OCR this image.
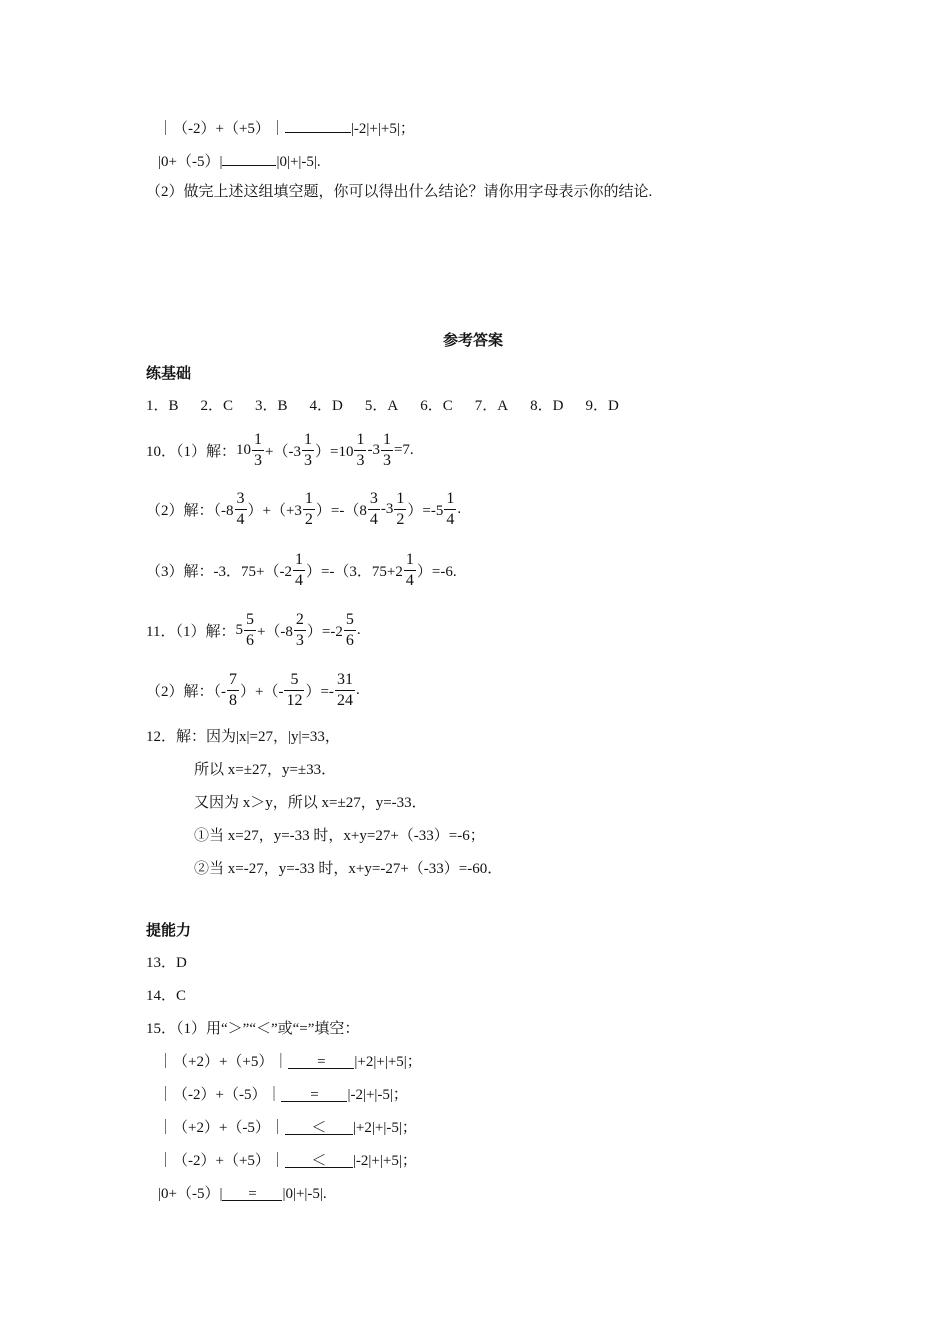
｜（-2）+（+5）｜	|-2|+|+5|；
|0+（-5）|	|0|+|-5|.
（2）做完上述这组填空题，你可以得出什么结论？请你用字母表示你的结论.
参考答案
练基础
1．B 2．C 3．B 4．D 5．A 6．C 7．A 8．D 9．D
10．（1）解： $10 \frac{1}{3} +(-3 \frac{1}{3} )=10 \frac{1}{3} -3 \frac{1}{3} =7$.
（2）解：$(-8 \frac{3}{4} )+(+3 \frac{1}{2} )=-(8 \frac{3}{4} -3 \frac{1}{2} )=-5 \frac{1}{4}$ .
（3）解：-3．$75+(-2 \frac{1}{4} )=-(3$．$75+2 \frac{1}{4} )=-6$.
11．（1）解： $5 \frac{5}{6} +(-8 \frac{2}{3} )=-2 \frac{5}{6}$ .
（2）解：（- $\frac{7}{8}$ ）+（- $\frac{5}{12}$ ）=- $\frac{31}{24}$ .
12．解：因为|x|=27，|y|=33，
所以 x=±27，y=±33．
又因为 x＞y，所以 x=±27，y=-33．
①当 x=27，y=-33 时，x+y=27+（-33）=-6；
②当 x=-27，y=-33 时，x+y=-27+（-33）=-60．
提能力
13．D
14．C
15．（1）用“＞”“＜”或“=”填空：
｜（+2）+（+5）｜ = |+2|+|+5|；
｜（-2）+（-5）｜ = |-2|+|-5|；
｜（+2）+（-5）｜ ＜ |+2|+|-5|；
｜（-2）+（+5）｜ ＜ |-2|+|+5|；
|0+（-5）| = |0|+|-5|.
